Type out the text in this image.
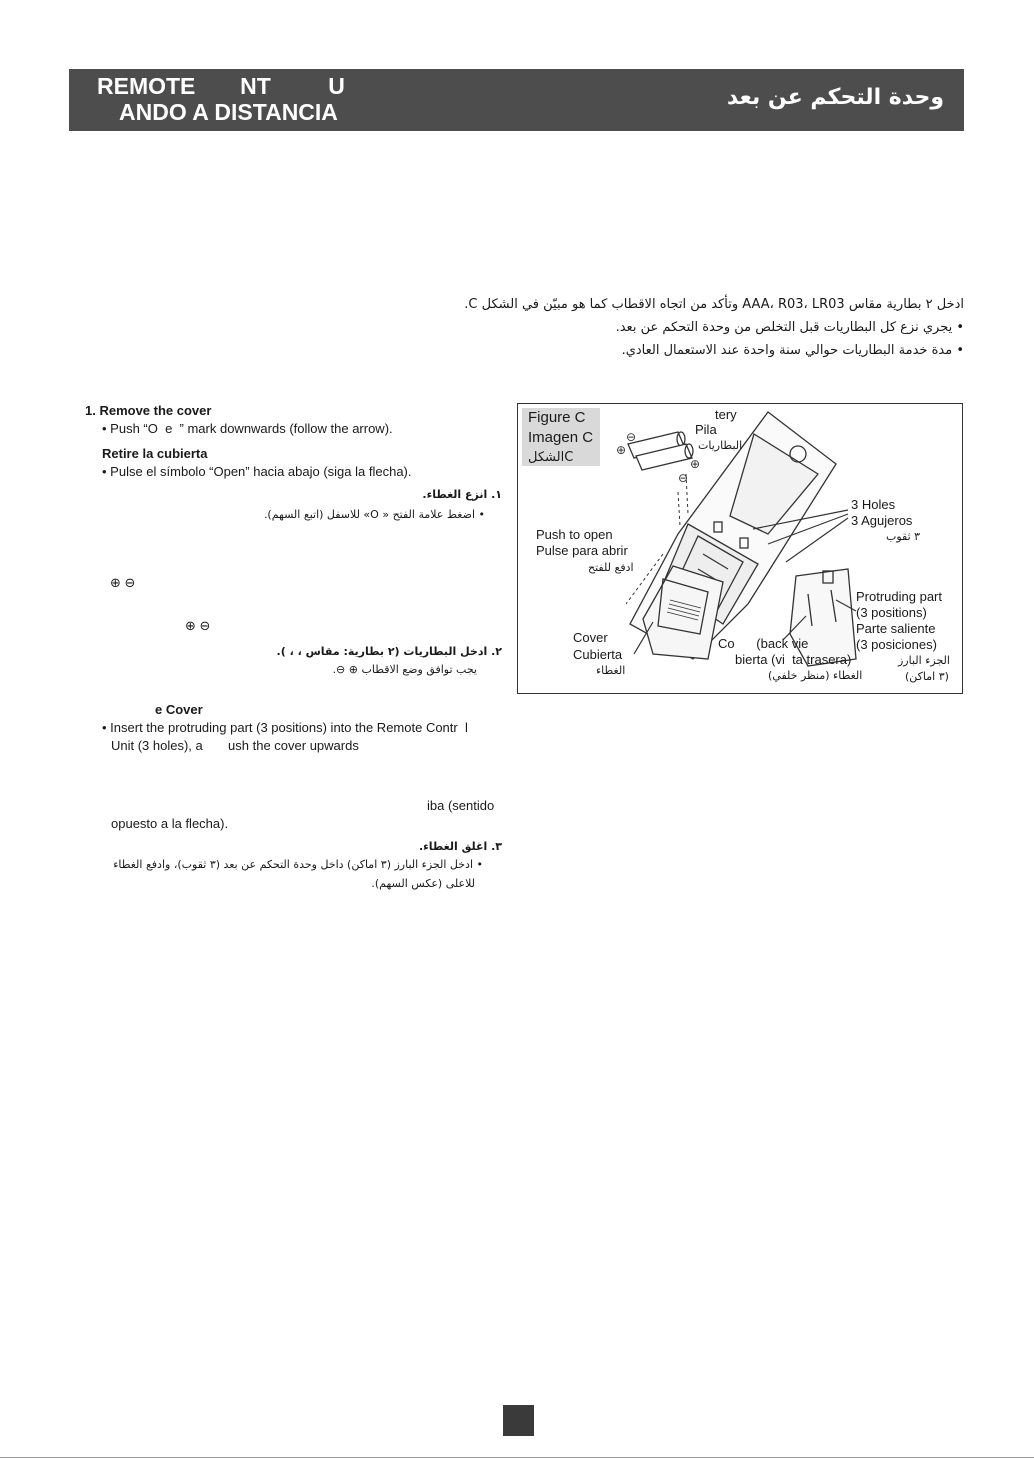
REMOTE       NT         U
ANDO A DISTANCIA
وحدة التحكم عن بعد
ادخل ٢ بطارية مقاس AAA، R03، LR03 وتأكد من اتجاه الاقطاب كما هو مبيّن في الشكل C.
• يجري نزع كل البطاريات قبل التخلص من وحدة التحكم عن بعد.
• مدة خدمة البطاريات حوالي سنة واحدة عند الاستعمال العادي.
1. Remove the cover
• Push “O  e  ” mark downwards (follow the arrow).
Retire la cubierta
• Pulse el símbolo “Open” hacia abajo (siga la flecha).
١. انزع الغطاء.
• اضغط علامة الفتح « O» للاسفل (اتبع السهم).
⊕ ⊖
⊕ ⊖
٢. ادخل البطاريات (٢ بطارية: مقاس ، ، ).
يجب توافق وضع الاقطاب ⊕ ⊖.
e Cover
• Insert the protruding part (3 positions) into the Remote Contr  l
Unit (3 holes), a       ush the cover upwards
iba (sentido
opuesto a la flecha).
٣. اغلق الغطاء.
• ادخل الجزء البارز (٣ اماكن) داخل وحدة التحكم عن بعد (٣ ثقوب)، وادفع الغطاء
للاعلى (عكس السهم).
Figure C
Imagen C
الشكلC	⊕
⊖
⊖
⊕
tery
Pila
البطاريات
Push to open
Pulse para abrir
ادفع للفتح
3 Holes
3 Agujeros
٣ ثقوب
Protruding part
(3 positions)
Parte saliente
(3 posiciones)
الجزء البارز
(٣ اماكن)
Cover
Cubierta
الغطاء
Co      (back vie
bierta (vi  ta trasera)
الغطاء (منظر خلفي)
